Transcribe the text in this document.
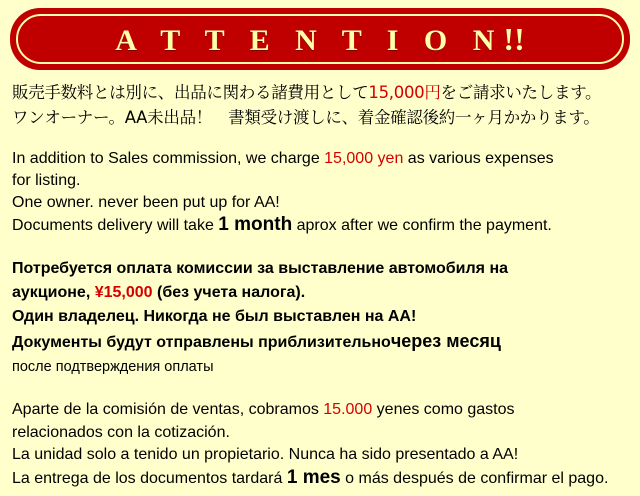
A T T E N T I O N!!
販売手数料とは別に、出品に関わる諸費用として15,000円をご請求いたします。
ワンオーナー。AA未出品！　書類受け渡しに、着金確認後約一ヶ月かかります。
In addition to Sales commission, we charge 15,000 yen as various expenses
for listing.
One owner. never been put up for AA!
Documents delivery will take 1 month aprox after we confirm the payment.
Потребуется оплата комиссии за выставление автомобиля на
аукционе, ¥15,000 (без учета налога).
Один владелец. Никогда не был выставлен на AA!
Документы будут отправлены приблизительночерез месяц
после подтверждения оплаты
Aparte de la comisión de ventas, cobramos 15.000 yenes como gastos
relacionados con la cotización.
La unidad solo a tenido un propietario. Nunca ha sido presentado a AA!
La entrega de los documentos tardará 1 mes o más después de confirmar el pago.
